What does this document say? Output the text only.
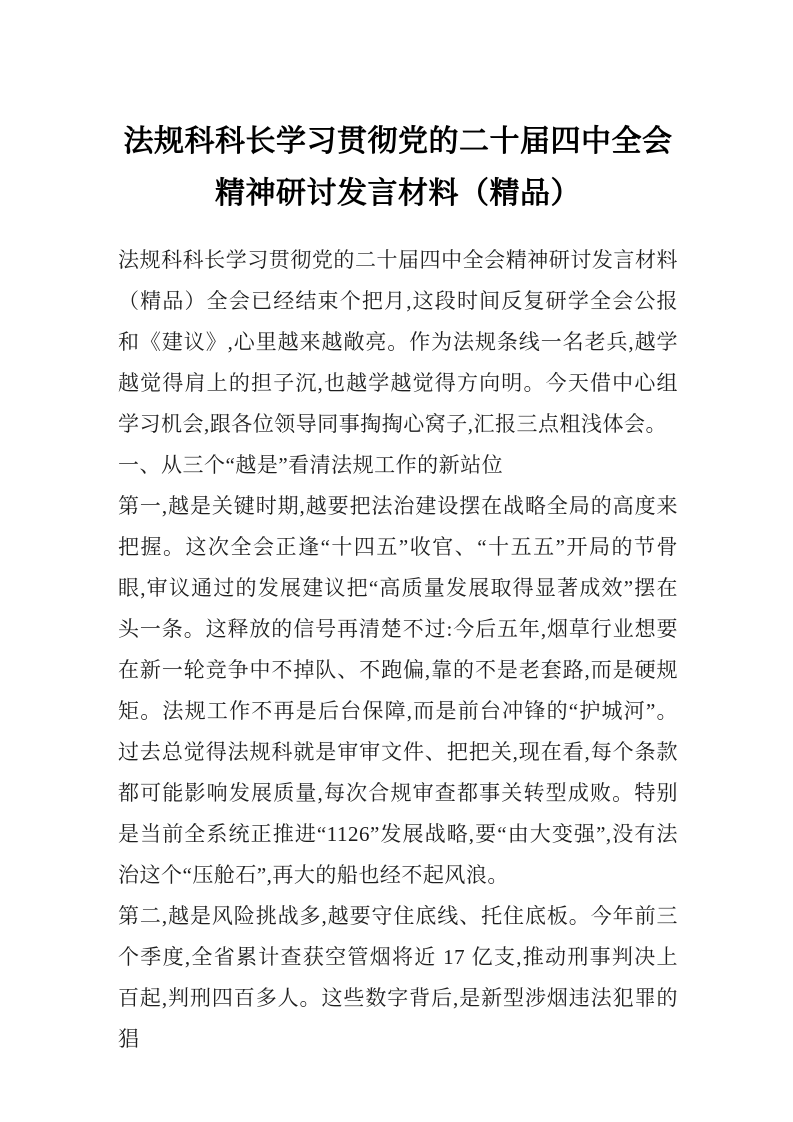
法规科科长学习贯彻党的二十届四中全会精神研讨发言材料（精品）

法规科科长学习贯彻党的二十届四中全会精神研讨发言材料（精品）全会已经结束个把月,这段时间反复研学全会公报和《建议》,心里越来越敞亮。作为法规条线一名老兵,越学越觉得肩上的担子沉,也越学越觉得方向明。今天借中心组学习机会,跟各位领导同事掏掏心窝子,汇报三点粗浅体会。

一、从三个“越是”看清法规工作的新站位

第一,越是关键时期,越要把法治建设摆在战略全局的高度来把握。这次全会正逢“十四五”收官、“十五五”开局的节骨眼,审议通过的发展建议把“高质量发展取得显著成效”摆在头一条。这释放的信号再清楚不过:今后五年,烟草行业想要在新一轮竞争中不掉队、不跑偏,靠的不是老套路,而是硬规矩。法规工作不再是后台保障,而是前台冲锋的“护城河”。过去总觉得法规科就是审审文件、把把关,现在看,每个条款都可能影响发展质量,每次合规审查都事关转型成败。特别是当前全系统正推进“1126”发展战略,要“由大变强”,没有法治这个“压舱石”,再大的船也经不起风浪。

第二,越是风险挑战多,越要守住底线、托住底板。今年前三个季度,全省累计查获空管烟将近 17 亿支,推动刑事判决上百起,判刑四百多人。这些数字背后,是新型涉烟违法犯罪的猖
